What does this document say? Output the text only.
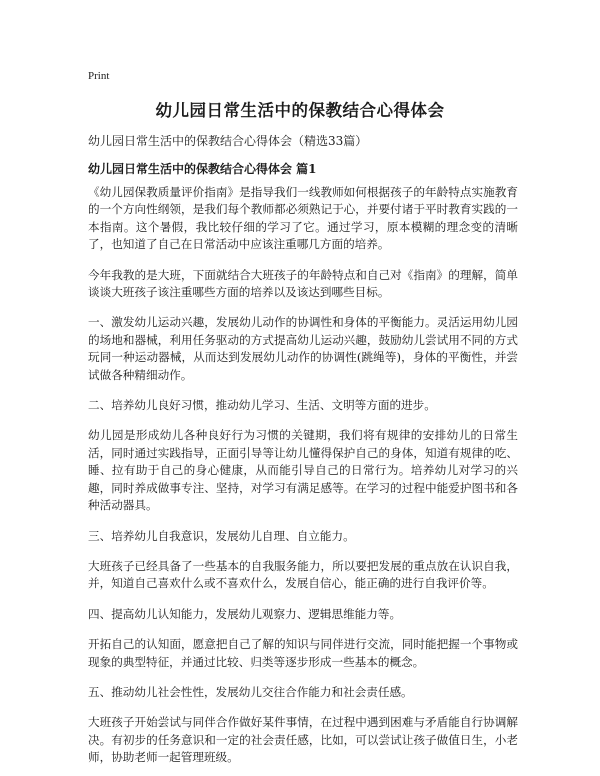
Print
幼儿园日常生活中的保教结合心得体会
幼儿园日常生活中的保教结合心得体会（精选33篇）
幼儿园日常生活中的保教结合心得体会 篇1

《幼儿园保教质量评价指南》是指导我们一线教师如何根据孩子的年龄特点实施教育的一个方向性纲领，是我们每个教师都必须熟记于心，并要付诸于平时教育实践的一本指南。这个暑假，我比较仔细的学习了它。通过学习，原本模糊的理念变的清晰了，也知道了自己在日常活动中应该注重哪几方面的培养。

今年我教的是大班，下面就结合大班孩子的年龄特点和自己对《指南》的理解，简单谈谈大班孩子该注重哪些方面的培养以及该达到哪些目标。

一、激发幼儿运动兴趣，发展幼儿动作的协调性和身体的平衡能力。灵活运用幼儿园的场地和器械，利用任务驱动的方式提高幼儿运动兴趣，鼓励幼儿尝试用不同的方式玩同一种运动器械，从而达到发展幼儿动作的协调性(跳绳等)，身体的平衡性，并尝试做各种精细动作。

二、培养幼儿良好习惯，推动幼儿学习、生活、文明等方面的进步。

幼儿园是形成幼儿各种良好行为习惯的关键期，我们将有规律的安排幼儿的日常生活，同时通过实践指导，正面引导等让幼儿懂得保护自己的身体，知道有规律的吃、睡、拉有助于自己的身心健康，从而能引导自己的日常行为。培养幼儿对学习的兴趣，同时养成做事专注、坚持，对学习有满足感等。在学习的过程中能爱护图书和各种活动器具。

三、培养幼儿自我意识，发展幼儿自理、自立能力。

大班孩子已经具备了一些基本的自我服务能力，所以要把发展的重点放在认识自我，并，知道自己喜欢什么或不喜欢什么，发展自信心，能正确的进行自我评价等。

四、提高幼儿认知能力，发展幼儿观察力、逻辑思维能力等。

开拓自己的认知面，愿意把自己了解的知识与同伴进行交流，同时能把握一个事物或现象的典型特征，并通过比较、归类等逐步形成一些基本的概念。

五、推动幼儿社会性性，发展幼儿交往合作能力和社会责任感。

大班孩子开始尝试与同伴合作做好某件事情，在过程中遇到困难与矛盾能自行协调解决。有初步的任务意识和一定的社会责任感，比如，可以尝试让孩子做值日生，小老师，协助老师一起管理班级。
